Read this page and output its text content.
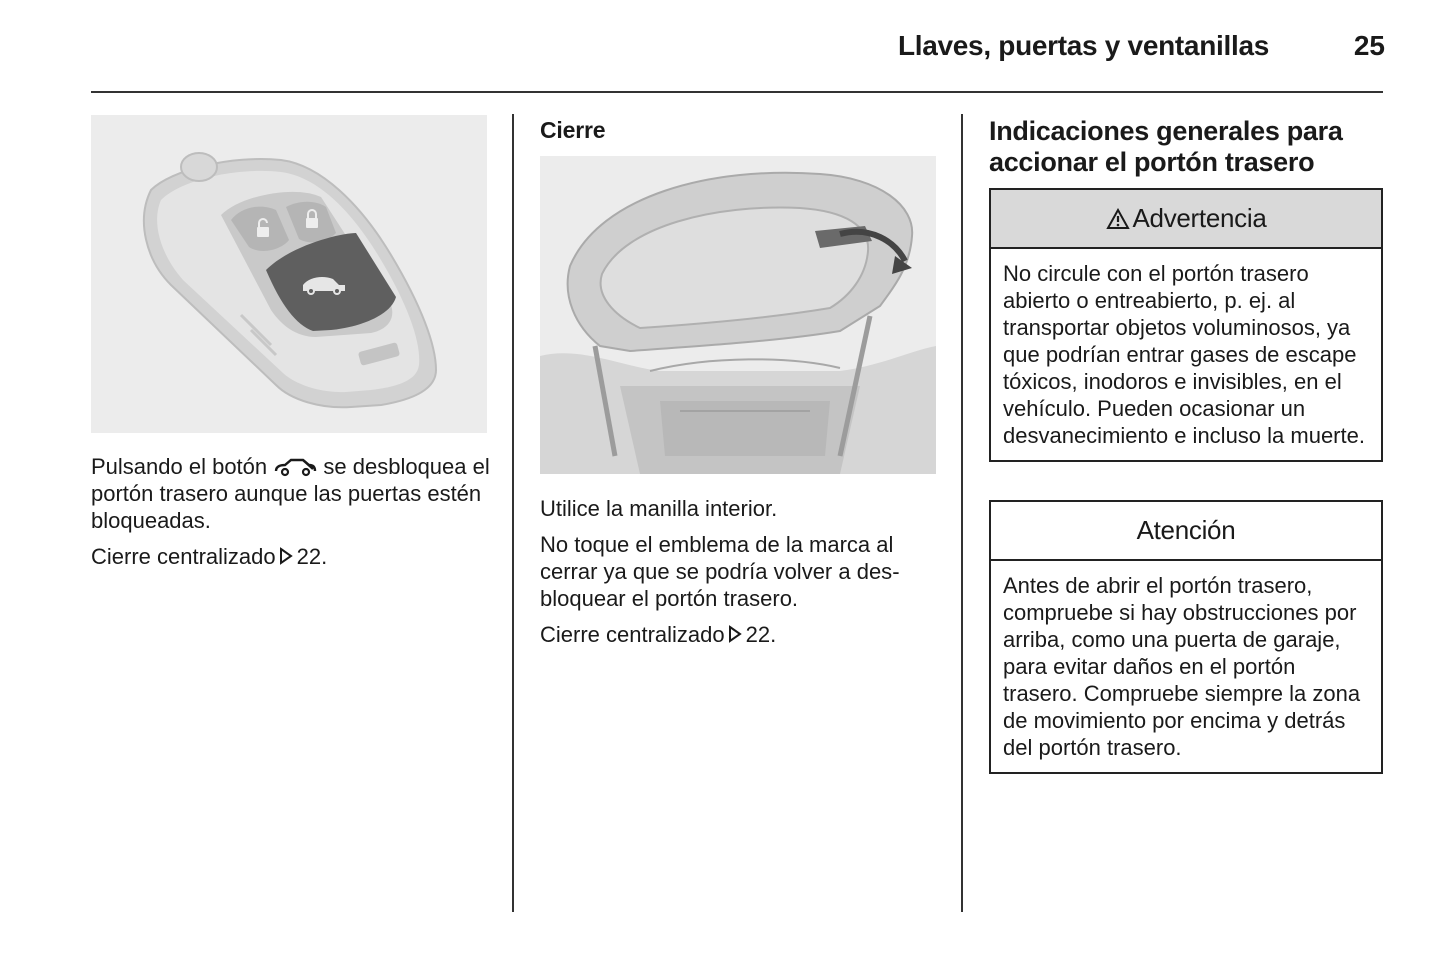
Llaves, puertas y ventanillas	25

Pulsando el botón	se desbloquea el portón trasero aunque las puertas estén bloqueadas.

Cierre centralizado 22.

Cierre

Utilice la manilla interior.

No toque el emblema de la marca al cerrar ya que se podría volver a desbloquear el portón trasero.

Cierre centralizado 22.

Indicaciones generales para accionar el portón trasero
Advertencia
No circule con el portón trasero abierto o entreabierto, p. ej. al transportar objetos voluminosos, ya que podrían entrar gases de escape tóxicos, inodoros e invisibles, en el vehículo. Pueden ocasionar un desvanecimiento e incluso la muerte.
Atención
Antes de abrir el portón trasero, compruebe si hay obstrucciones por arriba, como una puerta de garaje, para evitar daños en el portón trasero. Compruebe siempre la zona de movimiento por encima y detrás del portón trasero.
